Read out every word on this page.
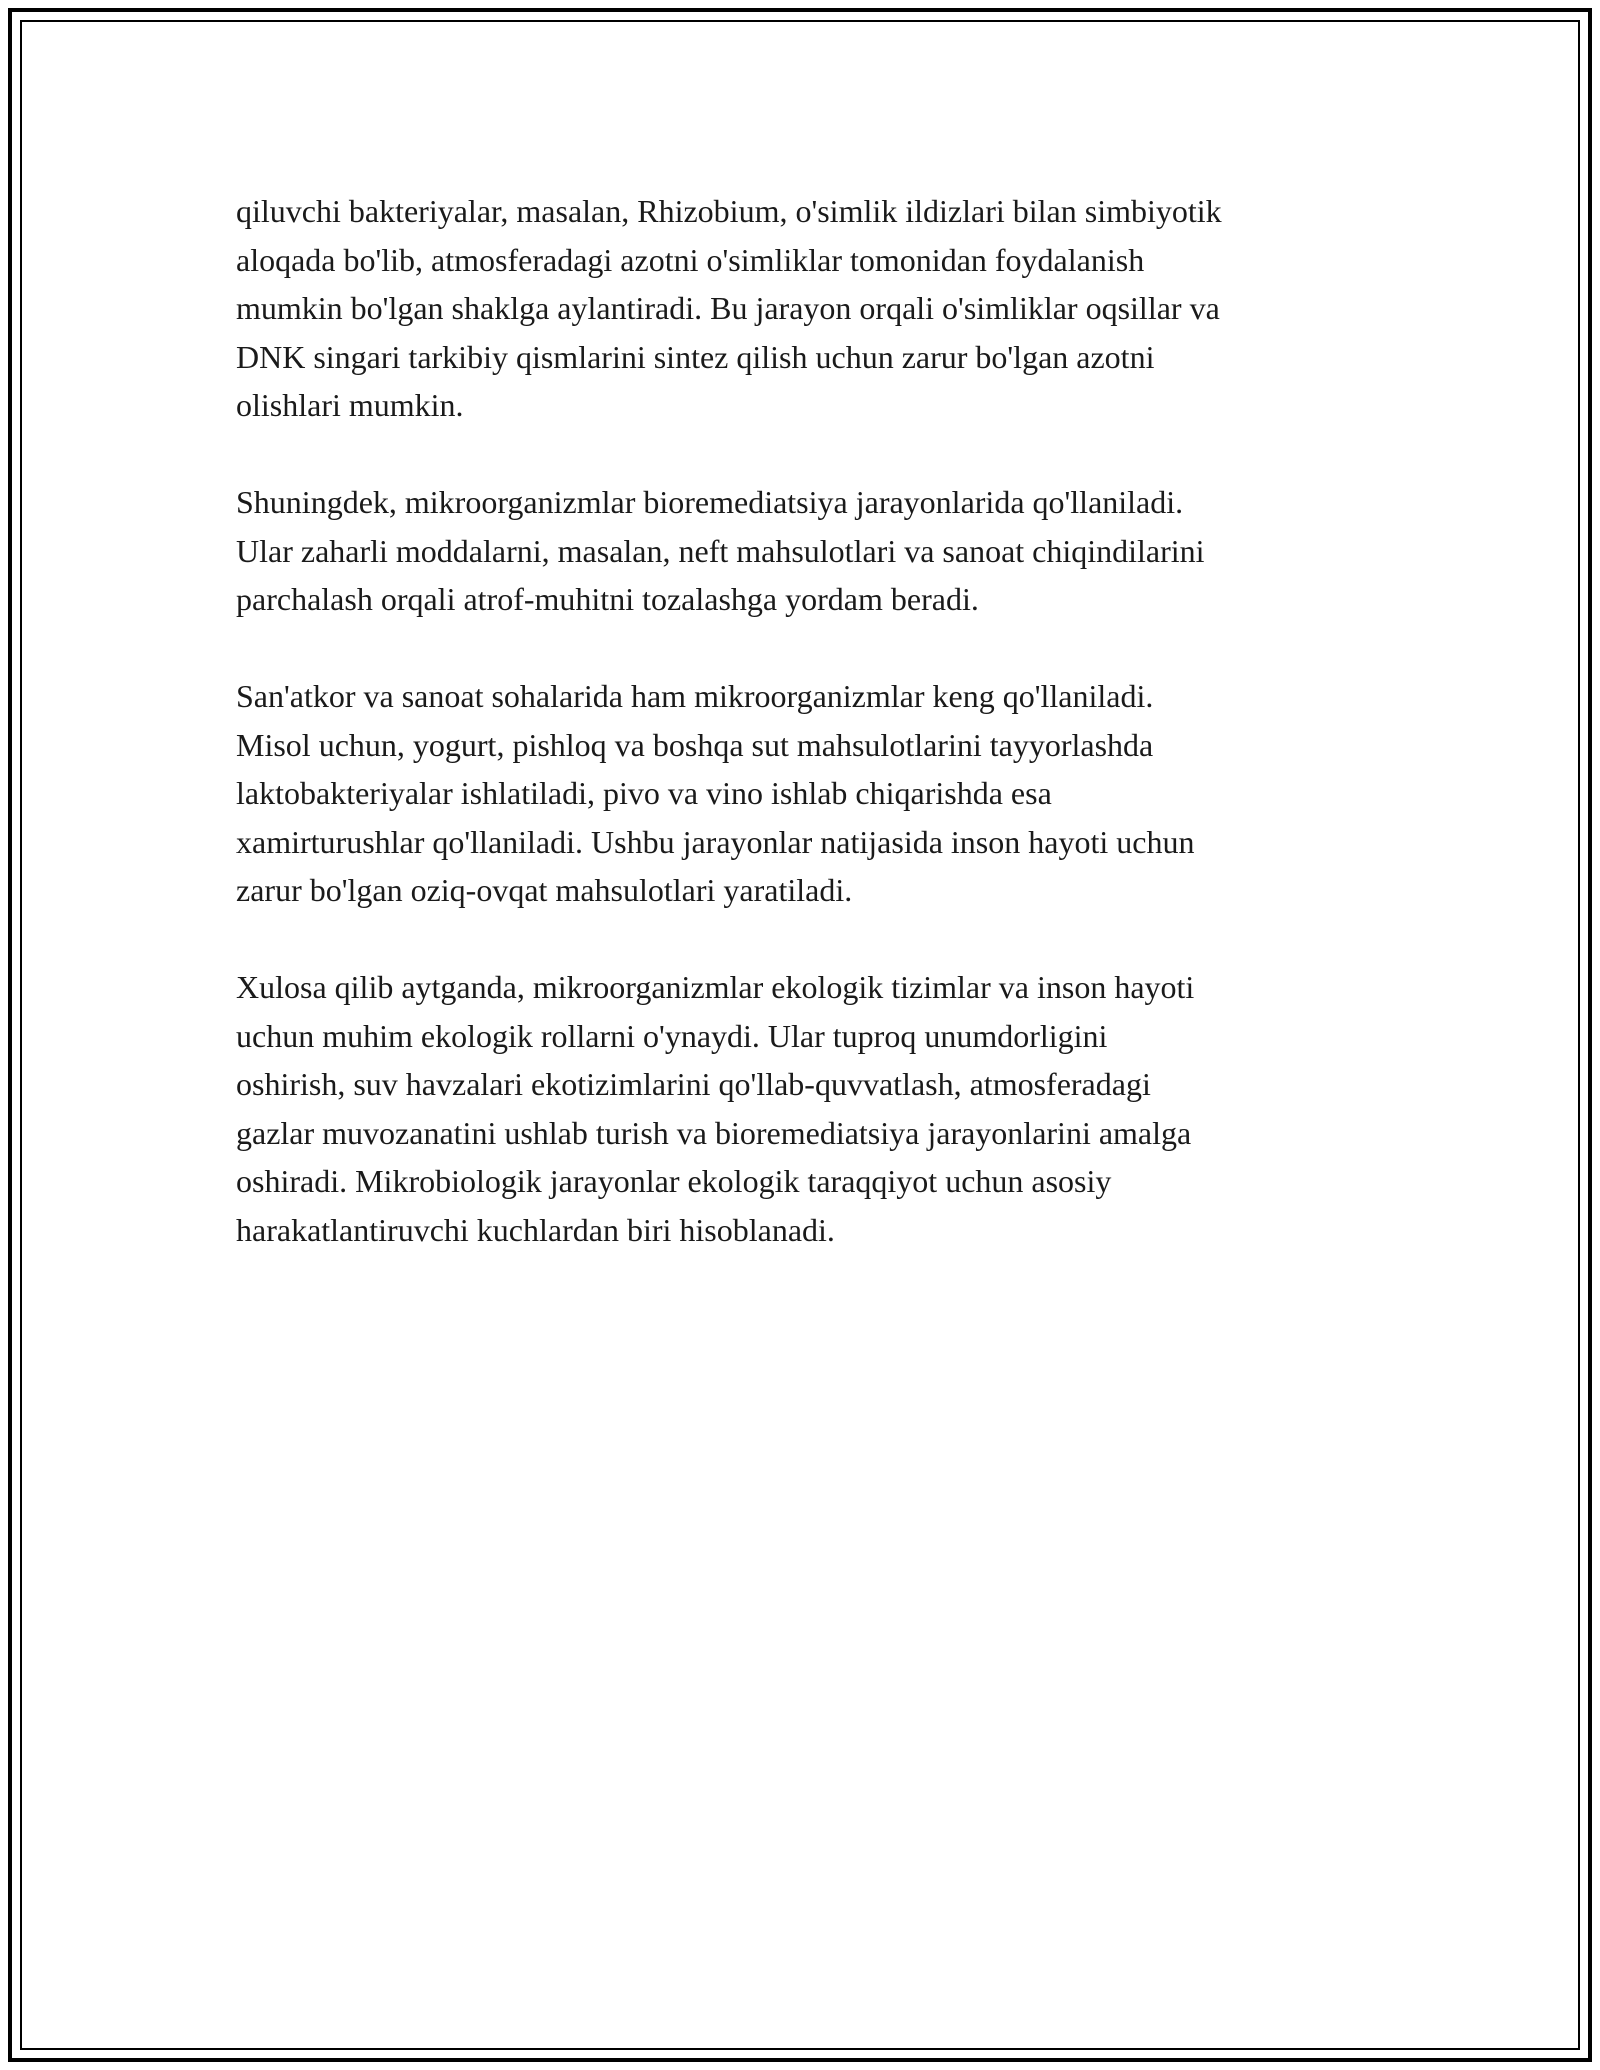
qiluvchi bakteriyalar, masalan, Rhizobium, o'simlik ildizlari bilan simbiyotik
aloqada bo'lib, atmosferadagi azotni o'simliklar tomonidan foydalanish
mumkin bo'lgan shaklga aylantiradi. Bu jarayon orqali o'simliklar oqsillar va
DNK singari tarkibiy qismlarini sintez qilish uchun zarur bo'lgan azotni
olishlari mumkin.

Shuningdek, mikroorganizmlar bioremediatsiya jarayonlarida qo'llaniladi.
Ular zaharli moddalarni, masalan, neft mahsulotlari va sanoat chiqindilarini
parchalash orqali atrof-muhitni tozalashga yordam beradi.

San'atkor va sanoat sohalarida ham mikroorganizmlar keng qo'llaniladi.
Misol uchun, yogurt, pishloq va boshqa sut mahsulotlarini tayyorlashda
laktobakteriyalar ishlatiladi, pivo va vino ishlab chiqarishda esa
xamirturushlar qo'llaniladi. Ushbu jarayonlar natijasida inson hayoti uchun
zarur bo'lgan oziq-ovqat mahsulotlari yaratiladi.

Xulosa qilib aytganda, mikroorganizmlar ekologik tizimlar va inson hayoti
uchun muhim ekologik rollarni o'ynaydi. Ular tuproq unumdorligini
oshirish, suv havzalari ekotizimlarini qo'llab-quvvatlash, atmosferadagi
gazlar muvozanatini ushlab turish va bioremediatsiya jarayonlarini amalga
oshiradi. Mikrobiologik jarayonlar ekologik taraqqiyot uchun asosiy
harakatlantiruvchi kuchlardan biri hisoblanadi.
